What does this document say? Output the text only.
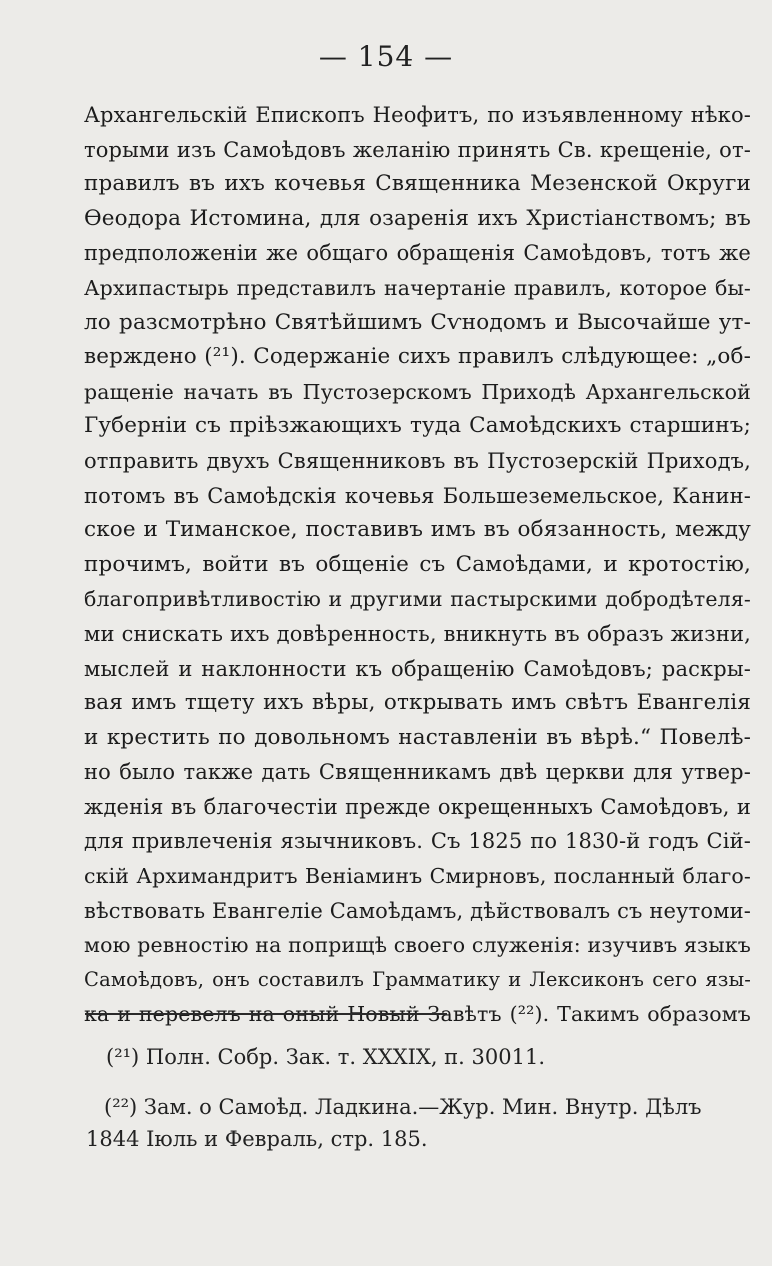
— 154 —
Архангельскій Епископъ Неофитъ, по изъявленному нѣко-
торыми изъ Самоѣдовъ желанію принять Св. крещеніе, от-
правилъ въ ихъ кочевья Священника Мезенской Округи
Ѳеодора Истомина, для озаренія ихъ Христіанствомъ; въ
предположеніи же общаго обращенія Самоѣдовъ, тотъ же
Архипастырь представилъ начертаніе правилъ, которое бы-
ло разсмотрѣно Святѣйшимъ Сѵнодомъ и Высочайше ут-
верждено (²¹). Содержаніе сихъ правилъ слѣдующее: „об-
ращеніе начать въ Пустозерскомъ Приходѣ Архангельской
Губерніи съ пріѣзжающихъ туда Самоѣдскихъ старшинъ;
отправить двухъ Священниковъ въ Пустозерскій Приходъ,
потомъ въ Самоѣдскія кочевья Большеземельское, Канин-
ское и Тиманское, поставивъ имъ въ обязанность, между
прочимъ, войти въ общеніе съ Самоѣдами, и кротостію,
благопривѣтливостію и другими пастырскими добродѣтеля-
ми снискать ихъ довѣренность, вникнуть въ образъ жизни,
мыслей и наклонности къ обращенію Самоѣдовъ; раскры-
вая имъ тщету ихъ вѣры, открывать имъ свѣтъ Евангелія
и крестить по довольномъ наставленіи въ вѣрѣ.“ Повелѣ-
но было также дать Священникамъ двѣ церкви для утвер-
жденія въ благочестіи прежде окрещенныхъ Самоѣдовъ, и
для привлеченія язычниковъ. Съ 1825 по 1830-й годъ Сій-
скій Архимандритъ Веніаминъ Смирновъ, посланный благо-
вѣствовать Евангеліе Самоѣдамъ, дѣйствовалъ съ неутоми-
мою ревностію на поприщѣ своего служенія: изучивъ языкъ
Самоѣдовъ, онъ составилъ Грамматику и Лексиконъ сего язы-
ка и перевелъ на оный Новый Завѣтъ (²²). Такимъ образомъ
(²¹) Полн. Собр. Зак. т. XXXIX, п. 30011.
(²²) Зам. о Самоѣд. Ладкина.—Жур. Мин. Внутр. Дѣлъ
1844 Іюль и Февраль, стр. 185.
